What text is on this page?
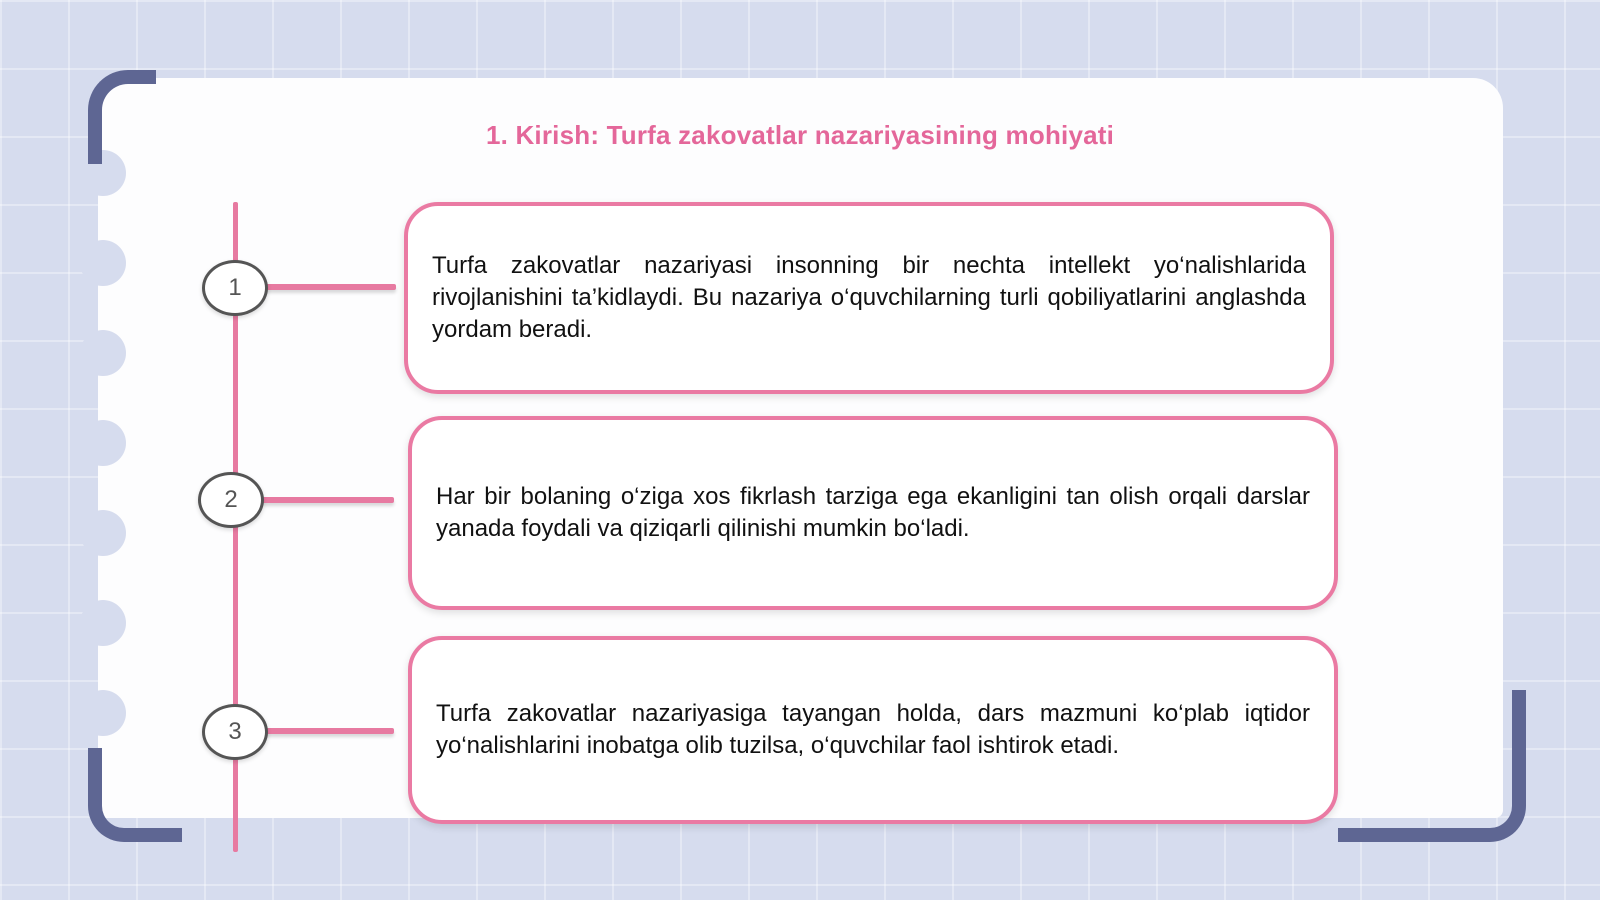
1. Kirish: Turfa zakovatlar nazariyasining mohiyati
1

Turfa zakovatlar nazariyasi insonning bir nechta intellekt yo‘nalishlarida rivojlanishini ta’kidlaydi. Bu nazariya o‘quvchilarning turli qobiliyatlarini anglashda yordam beradi.

2	Har bir bolaning o‘ziga xos fikrlash tarziga ega ekanligini tan olish orqali darslar yanada foydali va qiziqarli qilinishi mumkin bo‘ladi.

3

Turfa zakovatlar nazariyasiga tayangan holda, dars mazmuni ko‘plab iqtidor yo‘nalishlarini inobatga olib tuzilsa, o‘quvchilar faol ishtirok etadi.
